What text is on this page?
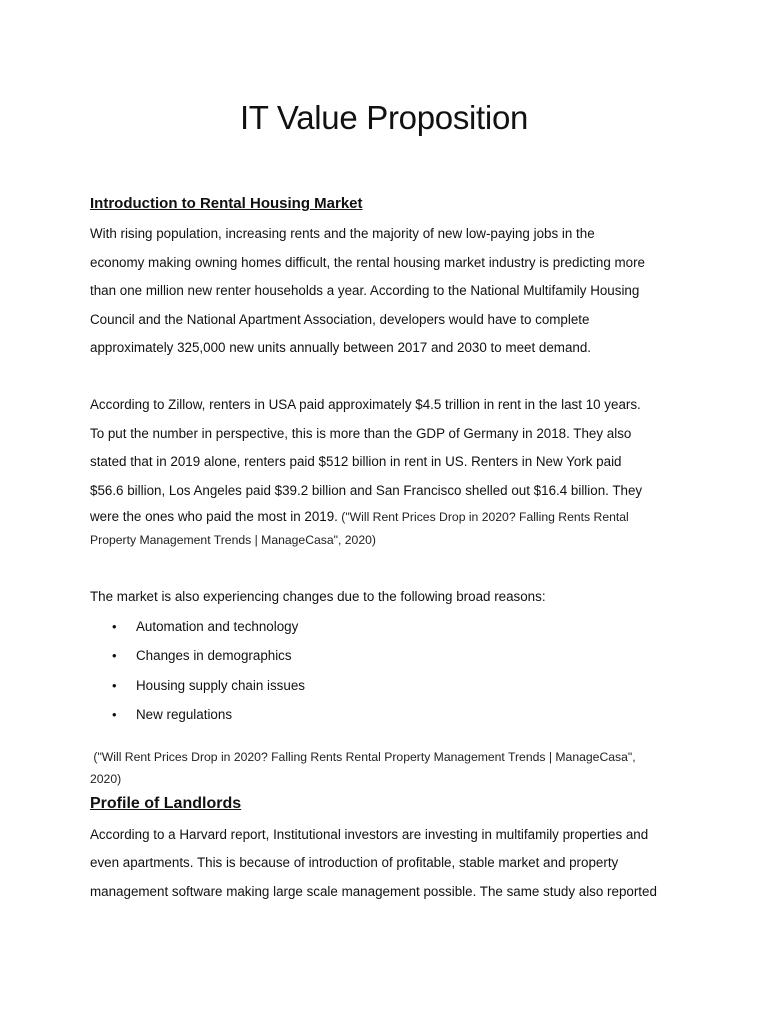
IT Value Proposition

Introduction to Rental Housing Market

With rising population, increasing rents and the majority of new low-paying jobs in the

economy making owning homes difficult, the rental housing market industry is predicting more

than one million new renter households a year. According to the National Multifamily Housing

Council and the National Apartment Association, developers would have to complete

approximately 325,000 new units annually between 2017 and 2030 to meet demand.

According to Zillow, renters in USA paid approximately $4.5 trillion in rent in the last 10 years.

To put the number in perspective, this is more than the GDP of Germany in 2018. They also

stated that in 2019 alone, renters paid $512 billion in rent in US. Renters in New York paid

$56.6 billion, Los Angeles paid $39.2 billion and San Francisco shelled out $16.4 billion. They

were the ones who paid the most in 2019. ("Will Rent Prices Drop in 2020? Falling Rents Rental

Property Management Trends | ManageCasa", 2020)

The market is also experiencing changes due to the following broad reasons:

• Automation and technology
• Changes in demographics
• Housing supply chain issues
• New regulations

("Will Rent Prices Drop in 2020? Falling Rents Rental Property Management Trends | ManageCasa",

2020)

Profile of Landlords

According to a Harvard report, Institutional investors are investing in multifamily properties and

even apartments. This is because of introduction of profitable, stable market and property

management software making large scale management possible. The same study also reported
